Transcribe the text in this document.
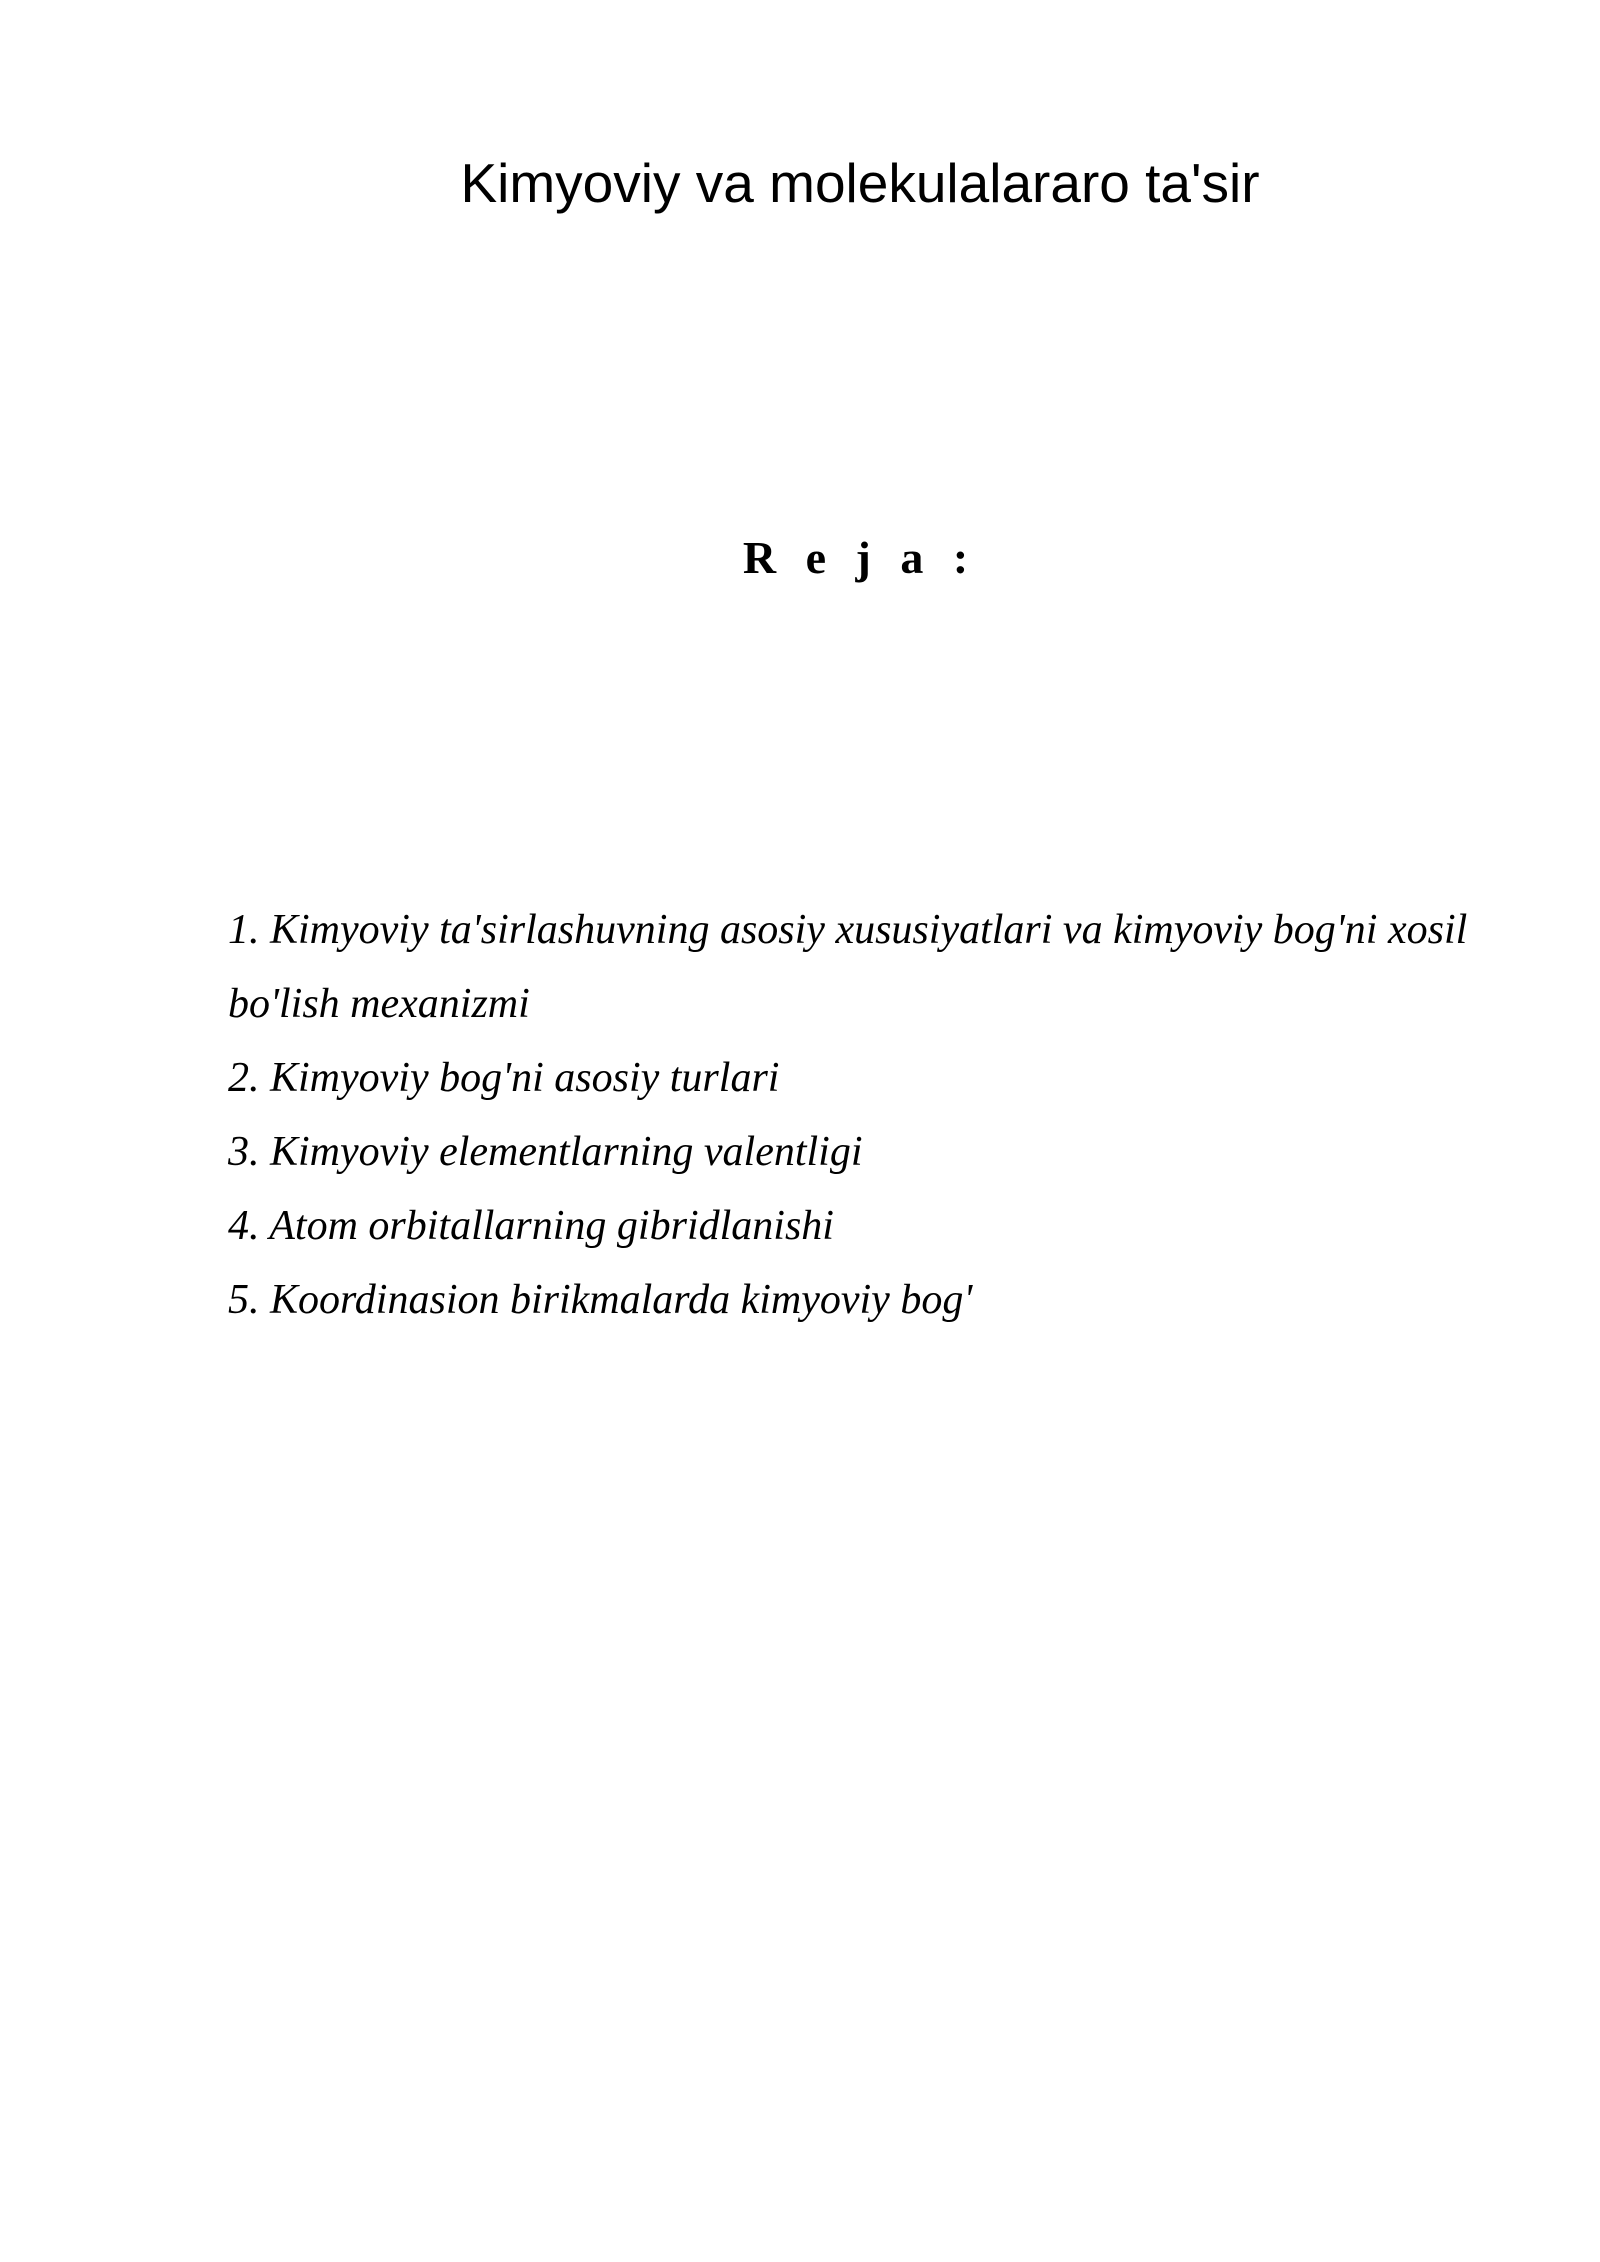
Kimyoviy va molekulalararo ta'sir
R e j a :
1. Kimyoviy ta'sirlashuvning asosiy xususiyatlari va kimyoviy bog'ni xosil bo'lish mexanizmi
2. Kimyoviy bog'ni asosiy turlari
3. Kimyoviy elementlarning valentligi
4. Atom orbitallarning gibridlanishi
5. Koordinasion birikmalarda kimyoviy bog'
